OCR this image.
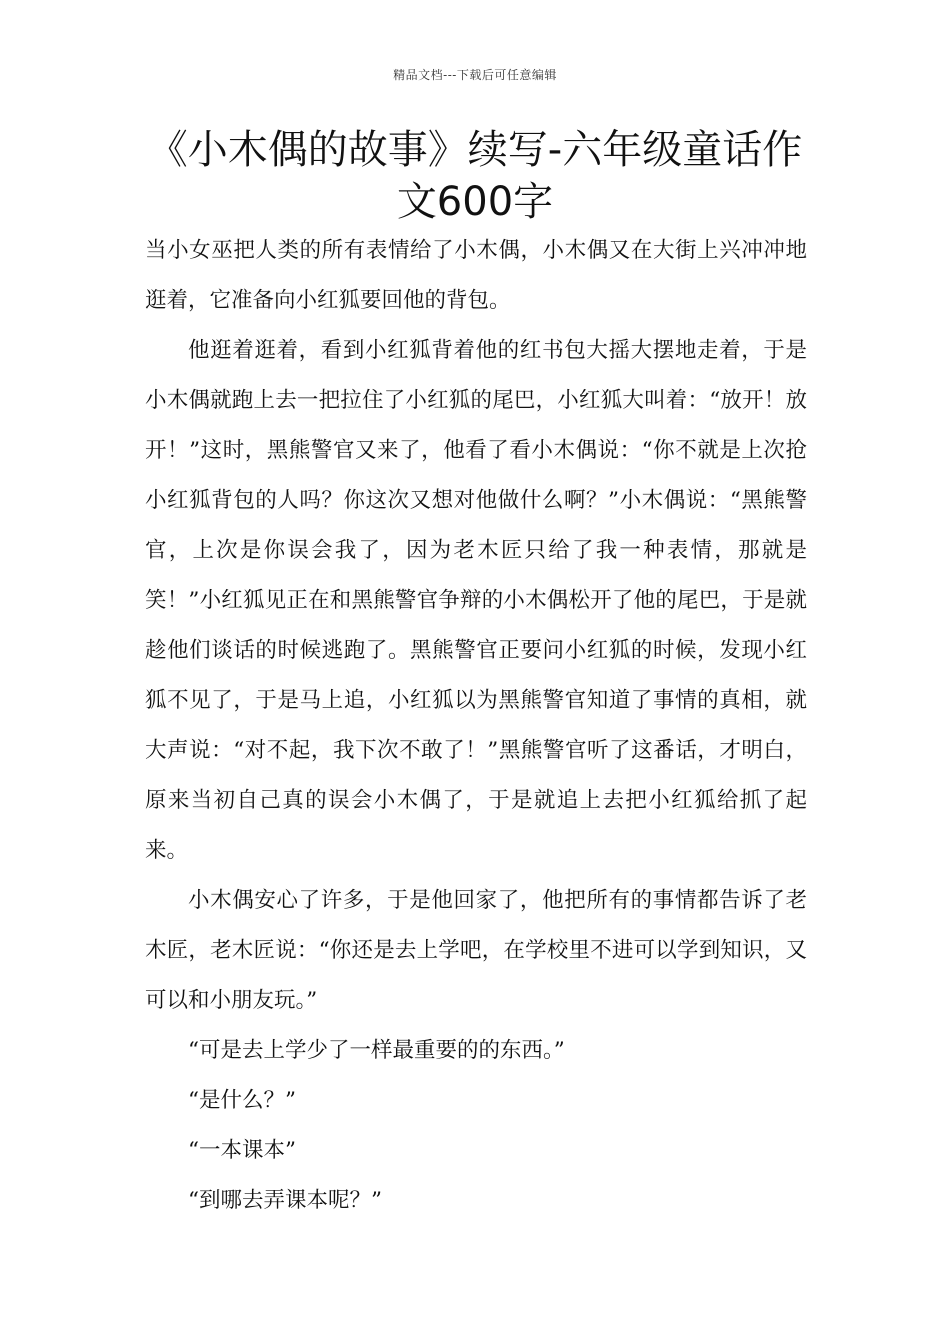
精品文档---下载后可任意编辑
《小木偶的故事》续写-六年级童话作文600字

当小女巫把人类的所有表情给了小木偶，小木偶又在大街上兴冲冲地逛着，它准备向小红狐要回他的背包。

他逛着逛着，看到小红狐背着他的红书包大摇大摆地走着，于是小木偶就跑上去一把拉住了小红狐的尾巴，小红狐大叫着：“放开！放开！”这时，黑熊警官又来了，他看了看小木偶说：“你不就是上次抢小红狐背包的人吗？你这次又想对他做什么啊？”小木偶说：“黑熊警官，上次是你误会我了，因为老木匠只给了我一种表情，那就是笑！”小红狐见正在和黑熊警官争辩的小木偶松开了他的尾巴，于是就趁他们谈话的时候逃跑了。黑熊警官正要问小红狐的时候，发现小红狐不见了，于是马上追，小红狐以为黑熊警官知道了事情的真相，就大声说：“对不起，我下次不敢了！”黑熊警官听了这番话，才明白，原来当初自己真的误会小木偶了，于是就追上去把小红狐给抓了起来。

小木偶安心了许多，于是他回家了，他把所有的事情都告诉了老木匠，老木匠说：“你还是去上学吧，在学校里不进可以学到知识，又可以和小朋友玩。”

“可是去上学少了一样最重要的的东西。”

“是什么？”

“一本课本”

“到哪去弄课本呢？”
